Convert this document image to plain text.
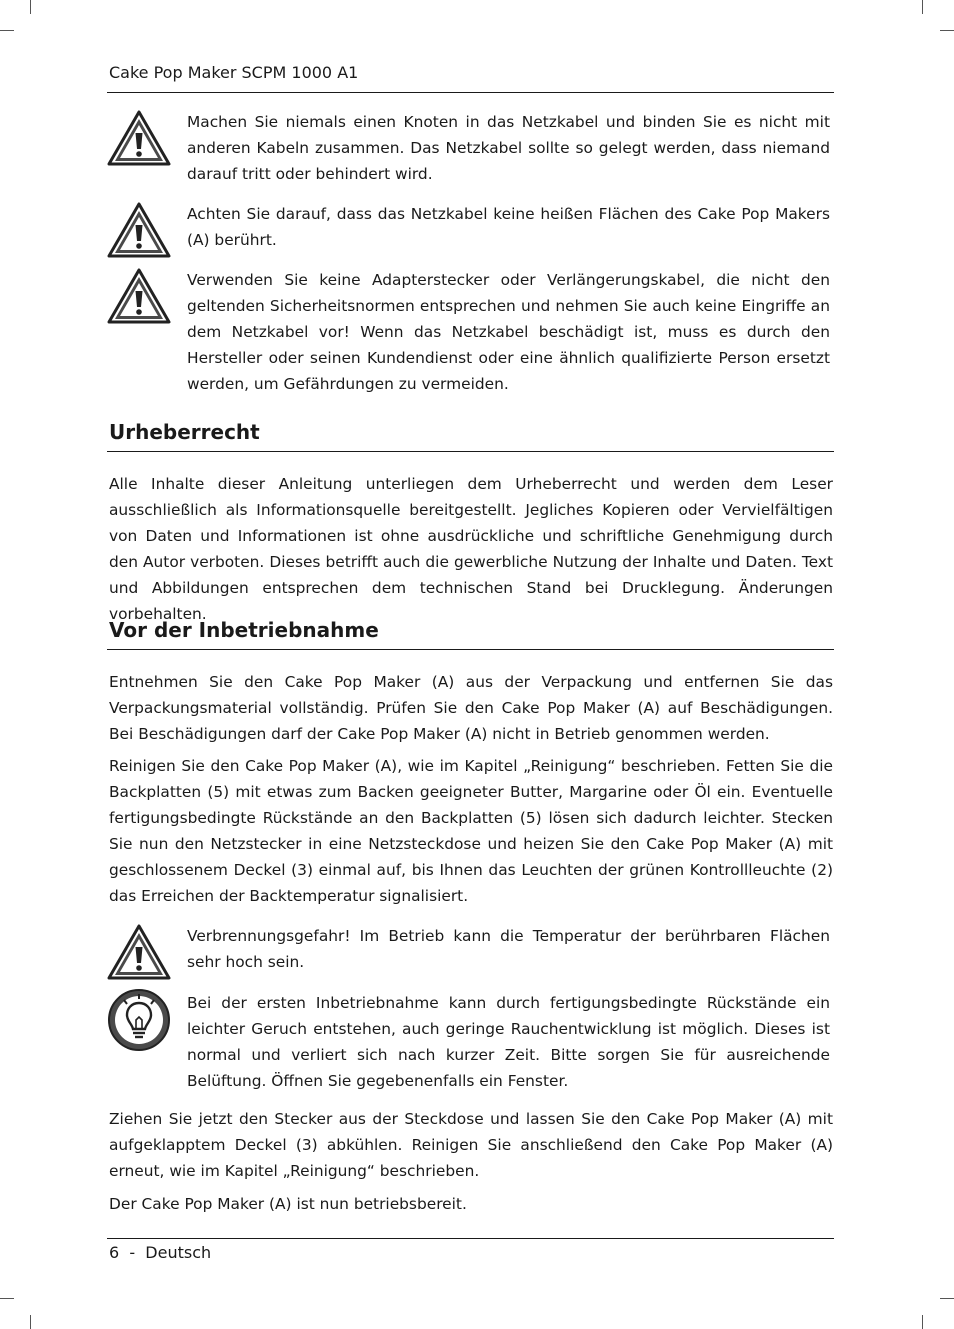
Cake Pop Maker SCPM 1000 A1
Machen Sie niemals einen Knoten in das Netzkabel und binden Sie es nicht mit anderen Kabeln zusammen. Das Netzkabel sollte so gelegt werden, dass niemand darauf tritt oder behindert wird.
Achten Sie darauf, dass das Netzkabel keine heißen Flächen des Cake Pop Makers (A) berührt.
Verwenden Sie keine Adapterstecker oder Verlängerungskabel, die nicht den geltenden Sicherheitsnormen entsprechen und nehmen Sie auch keine Eingriffe an dem Netzkabel vor! Wenn das Netzkabel beschädigt ist, muss es durch den Hersteller oder seinen Kundendienst oder eine ähnlich qualifizierte Person ersetzt werden, um Gefährdungen zu vermeiden.
Urheberrecht
Alle Inhalte dieser Anleitung unterliegen dem Urheberrecht und werden dem Leser ausschließlich als Informationsquelle bereitgestellt. Jegliches Kopieren oder Vervielfältigen von Daten und Informationen ist ohne ausdrückliche und schriftliche Genehmigung durch den Autor verboten. Dieses betrifft auch die gewerbliche Nutzung der Inhalte und Daten. Text und Abbildungen entsprechen dem technischen Stand bei Drucklegung. Änderungen vorbehalten.
Vor der Inbetriebnahme
Entnehmen Sie den Cake Pop Maker (A) aus der Verpackung und entfernen Sie das Verpackungsmaterial vollständig. Prüfen Sie den Cake Pop Maker (A) auf Beschädigungen. Bei Beschädigungen darf der Cake Pop Maker (A) nicht in Betrieb genommen werden.
Reinigen Sie den Cake Pop Maker (A), wie im Kapitel „Reinigung“ beschrieben. Fetten Sie die Backplatten (5) mit etwas zum Backen geeigneter Butter, Margarine oder Öl ein. Eventuelle fertigungsbedingte Rückstände an den Backplatten (5) lösen sich dadurch leichter. Stecken Sie nun den Netzstecker in eine Netzsteckdose und heizen Sie den Cake Pop Maker (A) mit geschlossenem Deckel (3) einmal auf, bis Ihnen das Leuchten der grünen Kontrollleuchte (2) das Erreichen der Backtemperatur signalisiert.
Verbrennungsgefahr! Im Betrieb kann die Temperatur der berührbaren Flächen sehr hoch sein.
Bei der ersten Inbetriebnahme kann durch fertigungsbedingte Rückstände ein leichter Geruch entstehen, auch geringe Rauchentwicklung ist möglich. Dieses ist normal und verliert sich nach kurzer Zeit. Bitte sorgen Sie für ausreichende Belüftung. Öffnen Sie gegebenenfalls ein Fenster.
Ziehen Sie jetzt den Stecker aus der Steckdose und lassen Sie den Cake Pop Maker (A) mit aufgeklapptem Deckel (3) abkühlen. Reinigen Sie anschließend den Cake Pop Maker (A) erneut, wie im Kapitel „Reinigung“ beschrieben.
Der Cake Pop Maker (A) ist nun betriebsbereit.
6  -  Deutsch
